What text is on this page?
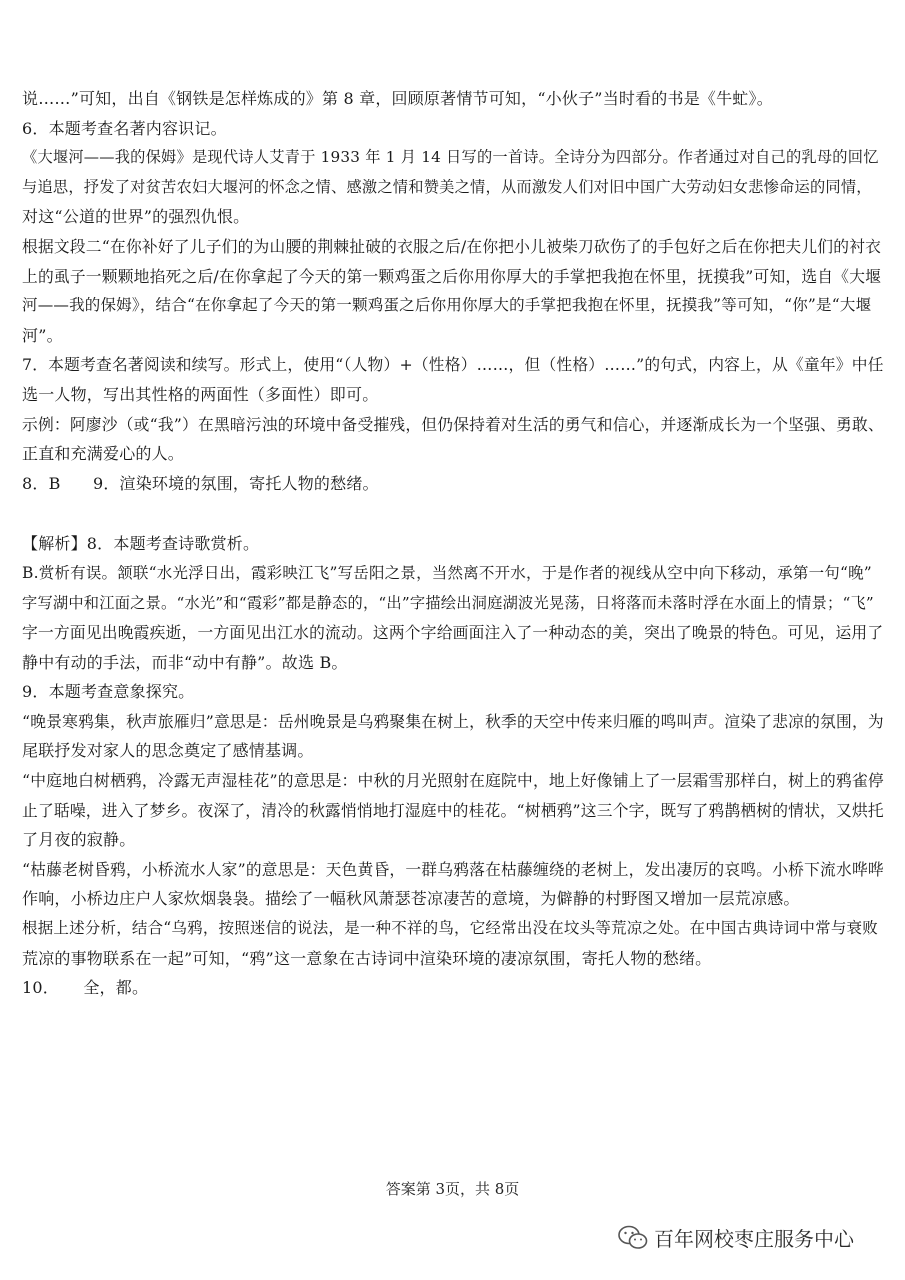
说……”可知，出自《钢铁是怎样炼成的》第 8 章，回顾原著情节可知，“小伙子”当时看的书是《牛虻》。
6．本题考查名著内容识记。
《大堰河——我的保姆》是现代诗人艾青于 1933 年 1 月 14 日写的一首诗。全诗分为四部分。作者通过对自己的乳母的回忆
与追思，抒发了对贫苦农妇大堰河的怀念之情、感激之情和赞美之情，从而激发人们对旧中国广大劳动妇女悲惨命运的同情，
对这“公道的世界”的强烈仇恨。
根据文段二“在你补好了儿子们的为山腰的荆棘扯破的衣服之后/在你把小儿被柴刀砍伤了的手包好之后在你把夫儿们的衬衣
上的虱子一颗颗地掐死之后/在你拿起了今天的第一颗鸡蛋之后你用你厚大的手掌把我抱在怀里，抚摸我”可知，选自《大堰
河——我的保姆》，结合“在你拿起了今天的第一颗鸡蛋之后你用你厚大的手掌把我抱在怀里，抚摸我”等可知，“你”是“大堰
河”。
7．本题考查名著阅读和续写。形式上，使用“（人物）+（性格）……，但（性格）……”的句式，内容上，从《童年》中任
选一人物，写出其性格的两面性（多面性）即可。
示例：阿廖沙（或“我”）在黑暗污浊的环境中备受摧残，但仍保持着对生活的勇气和信心，并逐渐成长为一个坚强、勇敢、
正直和充满爱心的人。
8．B　　9．渲染环境的氛围，寄托人物的愁绪。
【解析】8．本题考查诗歌赏析。
B.赏析有误。颔联“水光浮日出，霞彩映江飞”写岳阳之景，当然离不开水，于是作者的视线从空中向下移动，承第一句“晚”
字写湖中和江面之景。“水光”和“霞彩”都是静态的，“出”字描绘出洞庭湖波光晃荡，日将落而未落时浮在水面上的情景；“飞”
字一方面见出晚霞疾逝，一方面见出江水的流动。这两个字给画面注入了一种动态的美，突出了晚景的特色。可见，运用了
静中有动的手法，而非“动中有静”。故选 B。
9．本题考查意象探究。
“晚景寒鸦集，秋声旅雁归”意思是：岳州晚景是乌鸦聚集在树上，秋季的天空中传来归雁的鸣叫声。渲染了悲凉的氛围，为
尾联抒发对家人的思念奠定了感情基调。
“中庭地白树栖鸦，冷露无声湿桂花”的意思是：中秋的月光照射在庭院中，地上好像铺上了一层霜雪那样白，树上的鸦雀停
止了聒噪，进入了梦乡。夜深了，清冷的秋露悄悄地打湿庭中的桂花。“树栖鸦”这三个字，既写了鸦鹊栖树的情状，又烘托
了月夜的寂静。
“枯藤老树昏鸦，小桥流水人家”的意思是：天色黄昏，一群乌鸦落在枯藤缠绕的老树上，发出凄厉的哀鸣。小桥下流水哗哗
作响，小桥边庄户人家炊烟袅袅。描绘了一幅秋风萧瑟苍凉凄苦的意境，为僻静的村野图又增加一层荒凉感。
根据上述分析，结合“乌鸦，按照迷信的说法，是一种不祥的鸟，它经常出没在坟头等荒凉之处。在中国古典诗词中常与衰败
荒凉的事物联系在一起”可知，“鸦”这一意象在古诗词中渲染环境的凄凉氛围，寄托人物的愁绪。
10．　　全，都。
答案第 3页，共 8页
百年网校枣庄服务中心
